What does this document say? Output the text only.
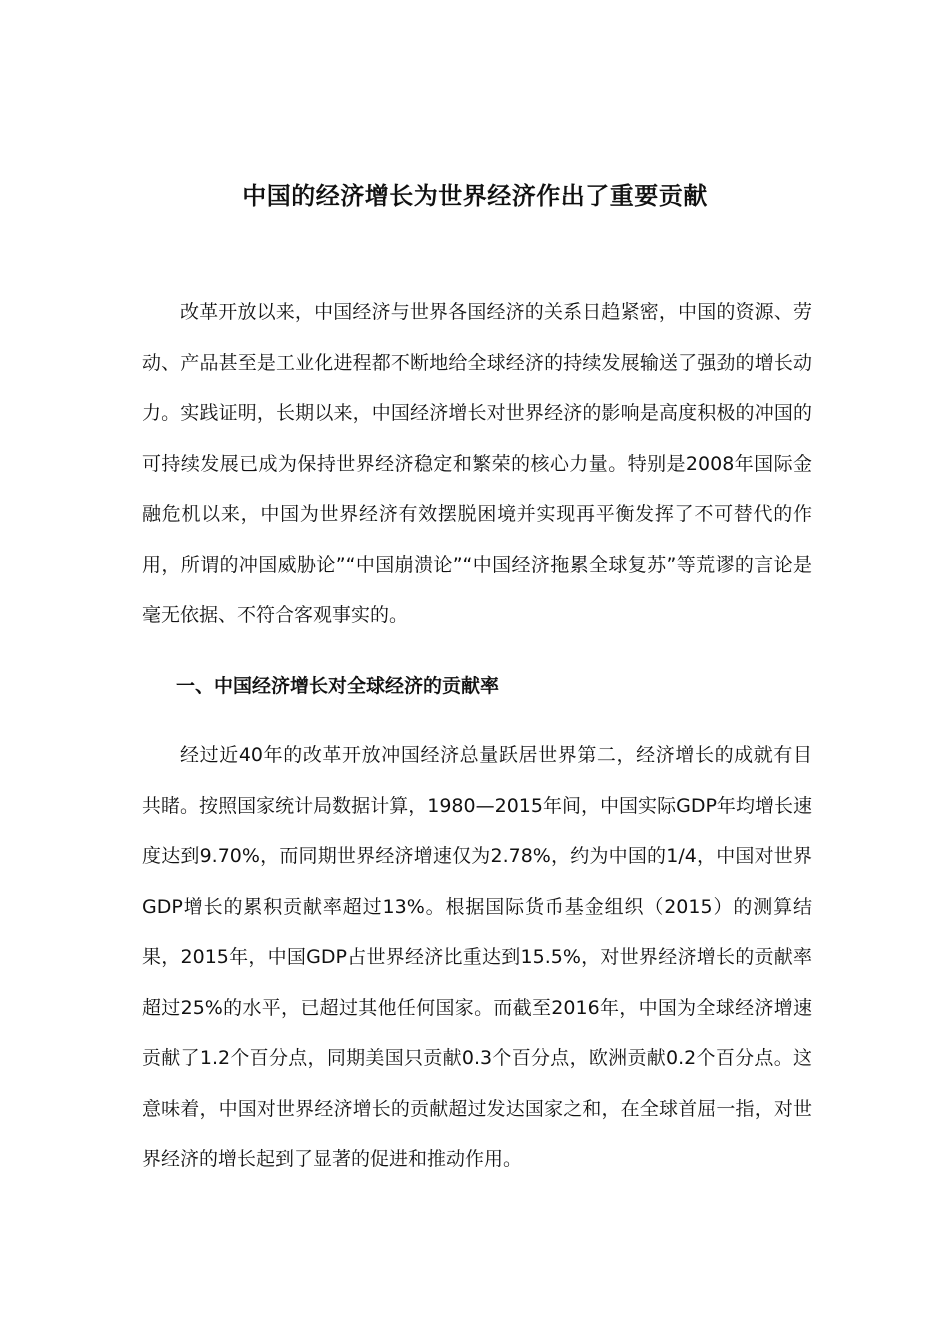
中国的经济增长为世界经济作出了重要贡献

改革开放以来，中国经济与世界各国经济的关系日趋紧密，中国的资源、劳动、产品甚至是工业化进程都不断地给全球经济的持续发展输送了强劲的增长动力。实践证明，长期以来，中国经济增长对世界经济的影响是高度积极的冲国的可持续发展已成为保持世界经济稳定和繁荣的核心力量。特别是2008年国际金融危机以来，中国为世界经济有效摆脱困境并实现再平衡发挥了不可替代的作用，所谓的冲国威胁论”“中国崩溃论”“中国经济拖累全球复苏”等荒谬的言论是毫无依据、不符合客观事实的。

一、中国经济增长对全球经济的贡献率

经过近40年的改革开放冲国经济总量跃居世界第二，经济增长的成就有目共睹。按照国家统计局数据计算，1980—2015年间，中国实际GDP年均增长速度达到9.70%，而同期世界经济增速仅为2.78%，约为中国的1/4，中国对世界GDP增长的累积贡献率超过13%。根据国际货币基金组织（2015）的测算结果，2015年，中国GDP占世界经济比重达到15.5%，对世界经济增长的贡献率超过25%的水平，已超过其他任何国家。而截至2016年，中国为全球经济增速贡献了1.2个百分点，同期美国只贡献0.3个百分点，欧洲贡献0.2个百分点。这意味着，中国对世界经济增长的贡献超过发达国家之和，在全球首屈一指，对世界经济的增长起到了显著的促进和推动作用。
